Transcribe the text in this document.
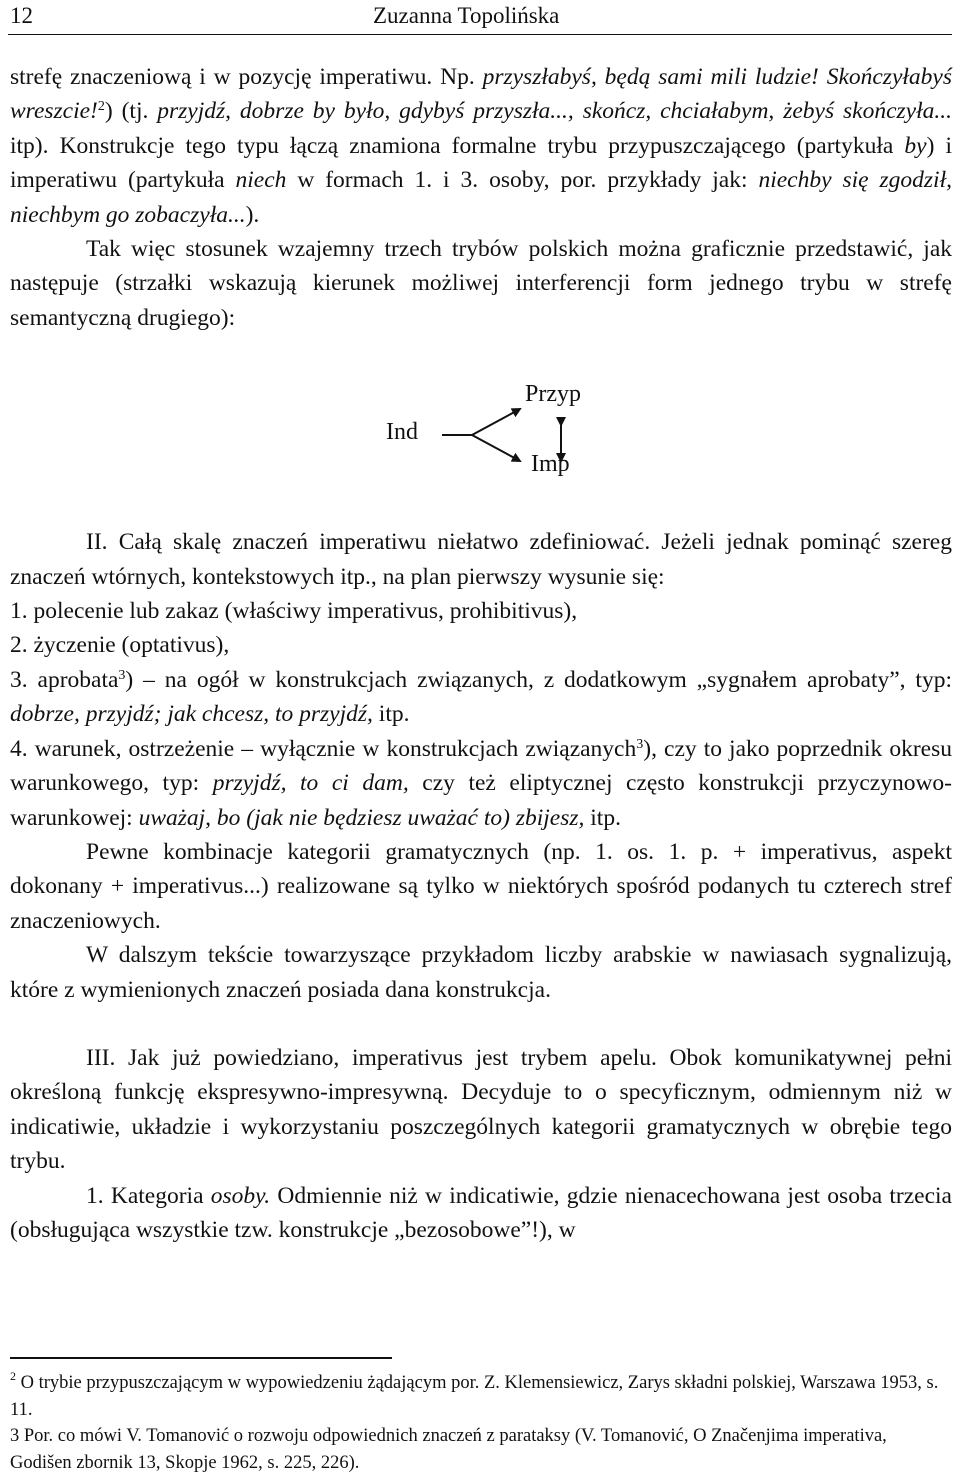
12	Zuzanna Topolińska

strefę znaczeniową i w pozycję imperatiwu. Np. przyszłabyś, będą sami mili ludzie! Skończyłabyś wreszcie!$^2$) (tj. przyjdź, dobrze by było, gdybyś przyszła..., skończ, chciałabym, żebyś skończyła... itp). Konstrukcje tego typu łączą znamiona formalne trybu przypuszczającego (partykuła by) i imperatiwu (partykuła niech w formach 1. i 3. osoby, por. przykłady jak: niechby się zgodził, niechbym go zobaczyła...).

Tak więc stosunek wzajemny trzech trybów polskich można graficznie przedstawić, jak następuje (strzałki wskazują kierunek możliwej interferencji form jednego trybu w strefę semantyczną drugiego):

Ind
Przyp
Imp

II. Całą skalę znaczeń imperatiwu niełatwo zdefiniować. Jeżeli jednak pominąć szereg znaczeń wtórnych, kontekstowych itp., na plan pierwszy wysunie się:

1. polecenie lub zakaz (właściwy imperativus, prohibitivus),

2. życzenie (optativus),

3. aprobata$^3$) – na ogół w konstrukcjach związanych, z dodatkowym „sygnałem aprobaty”, typ: dobrze, przyjdź; jak chcesz, to przyjdź, itp.

4. warunek, ostrzeżenie – wyłącznie w konstrukcjach związanych$^3$), czy to jako poprzednik okresu warunkowego, typ: przyjdź, to ci dam, czy też eliptycznej często konstrukcji przyczynowo-warunkowej: uważaj, bo (jak nie będziesz uważać to) zbijesz, itp.

Pewne kombinacje kategorii gramatycznych (np. 1. os. 1. p. + imperativus, aspekt dokonany + imperativus...) realizowane są tylko w niektórych spośród podanych tu czterech stref znaczeniowych.

W dalszym tekście towarzyszące przykładom liczby arabskie w nawiasach sygnalizują, które z wymienionych znaczeń posiada dana konstrukcja.

III. Jak już powiedziano, imperativus jest trybem apelu. Obok komunikatywnej pełni określoną funkcję ekspresywno-impresywną. Decyduje to o specyficznym, odmiennym niż w indicatiwie, układzie i wykorzystaniu poszczególnych kategorii gramatycznych w obrębie tego trybu.

1. Kategoria osoby. Odmiennie niż w indicatiwie, gdzie nienacechowana jest osoba trzecia (obsługująca wszystkie tzw. konstrukcje „bezosobowe”!), w

$^2$ O trybie przypuszczającym w wypowiedzeniu żądającym por. Z. Klemensiewicz, Zarys składni polskiej, Warszawa 1953, s. 11.

3 Por. co mówi V. Tomanović o rozwoju odpowiednich znaczeń z parataksy (V. Tomanović, O Značenjima imperativa, Godišen zbornik 13, Skopje 1962, s. 225, 226).
